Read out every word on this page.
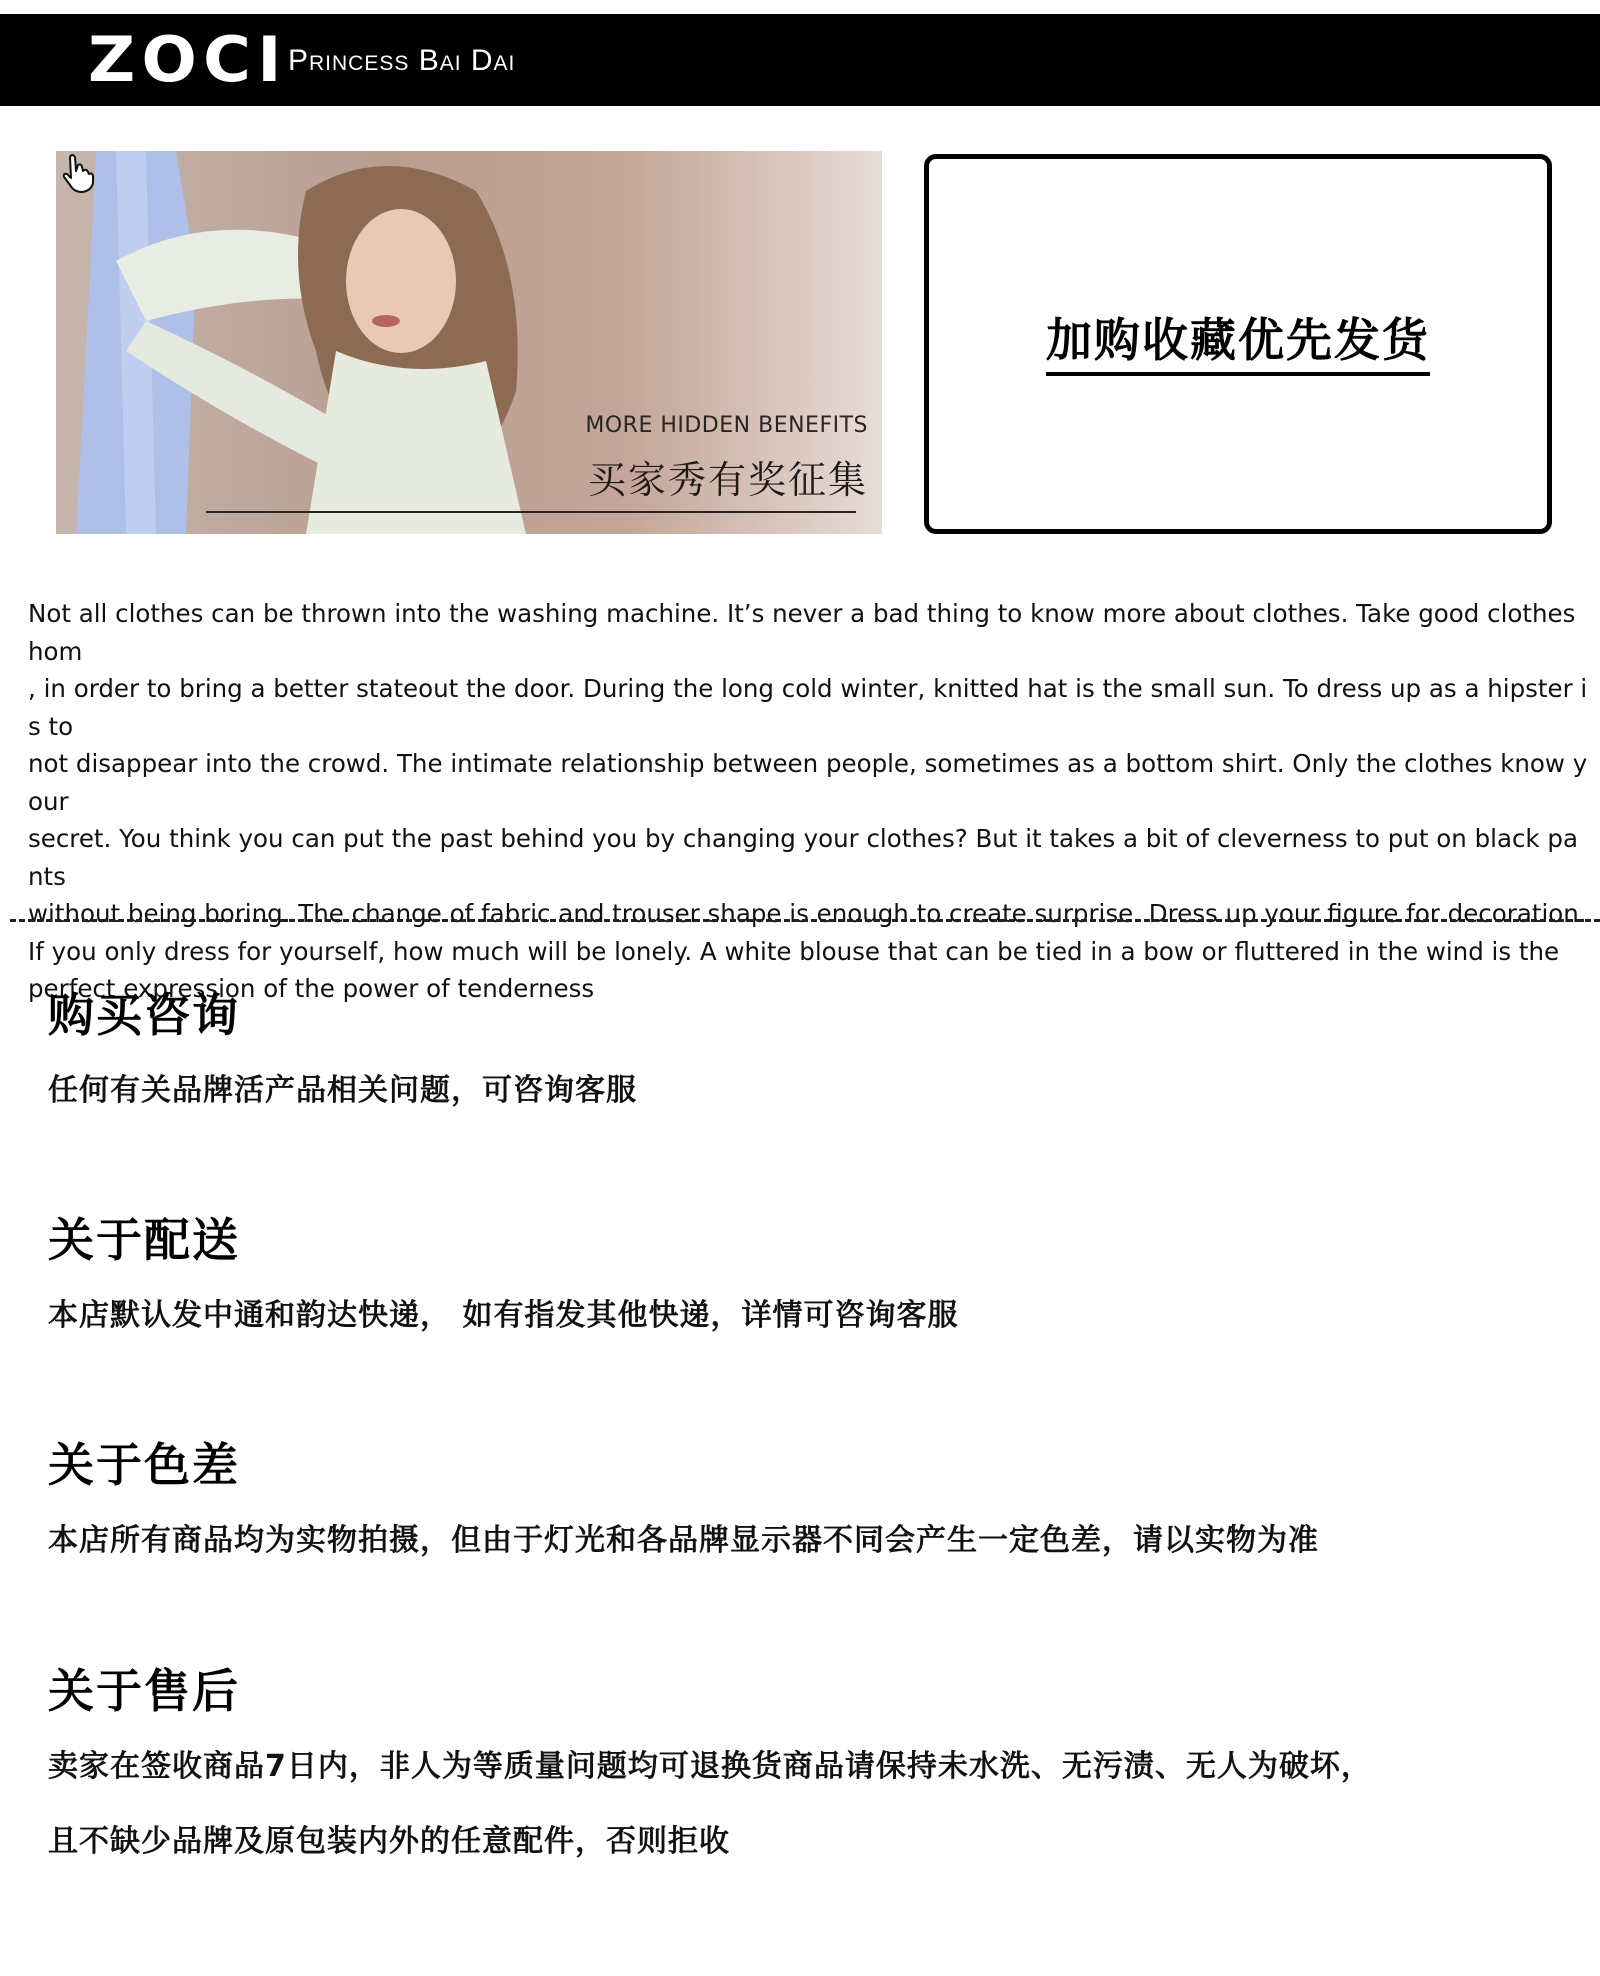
ZOCI Princess Bai Dai
MORE HIDDEN BENEFITS
买家秀有奖征集
加购收藏优先发货

Not all clothes can be thrown into the washing machine. It’s never a bad thing to know more about clothes. Take good clothes hom
, in order to bring a better stateout the door. During the long cold winter, knitted hat is the small sun. To dress up as a hipster is to
not disappear into the crowd. The intimate relationship between people, sometimes as a bottom shirt. Only the clothes know your
secret. You think you can put the past behind you by changing your clothes? But it takes a bit of cleverness to put on black pants
without being boring. The change of fabric and trouser shape is enough to create surprise. Dress up your figure for decoration.
If you only dress for yourself, how much will be lonely. A white blouse that can be tied in a bow or fluttered in the wind is the
perfect expression of the power of tenderness

购买咨询

任何有关品牌活产品相关问题，可咨询客服

关于配送

本店默认发中通和韵达快递， 如有指发其他快递，详情可咨询客服

关于色差

本店所有商品均为实物拍摄，但由于灯光和各品牌显示器不同会产生一定色差，请以实物为准

关于售后

卖家在签收商品7日内，非人为等质量问题均可退换货商品请保持未水洗、无污渍、无人为破坏，

且不缺少品牌及原包装内外的任意配件，否则拒收
